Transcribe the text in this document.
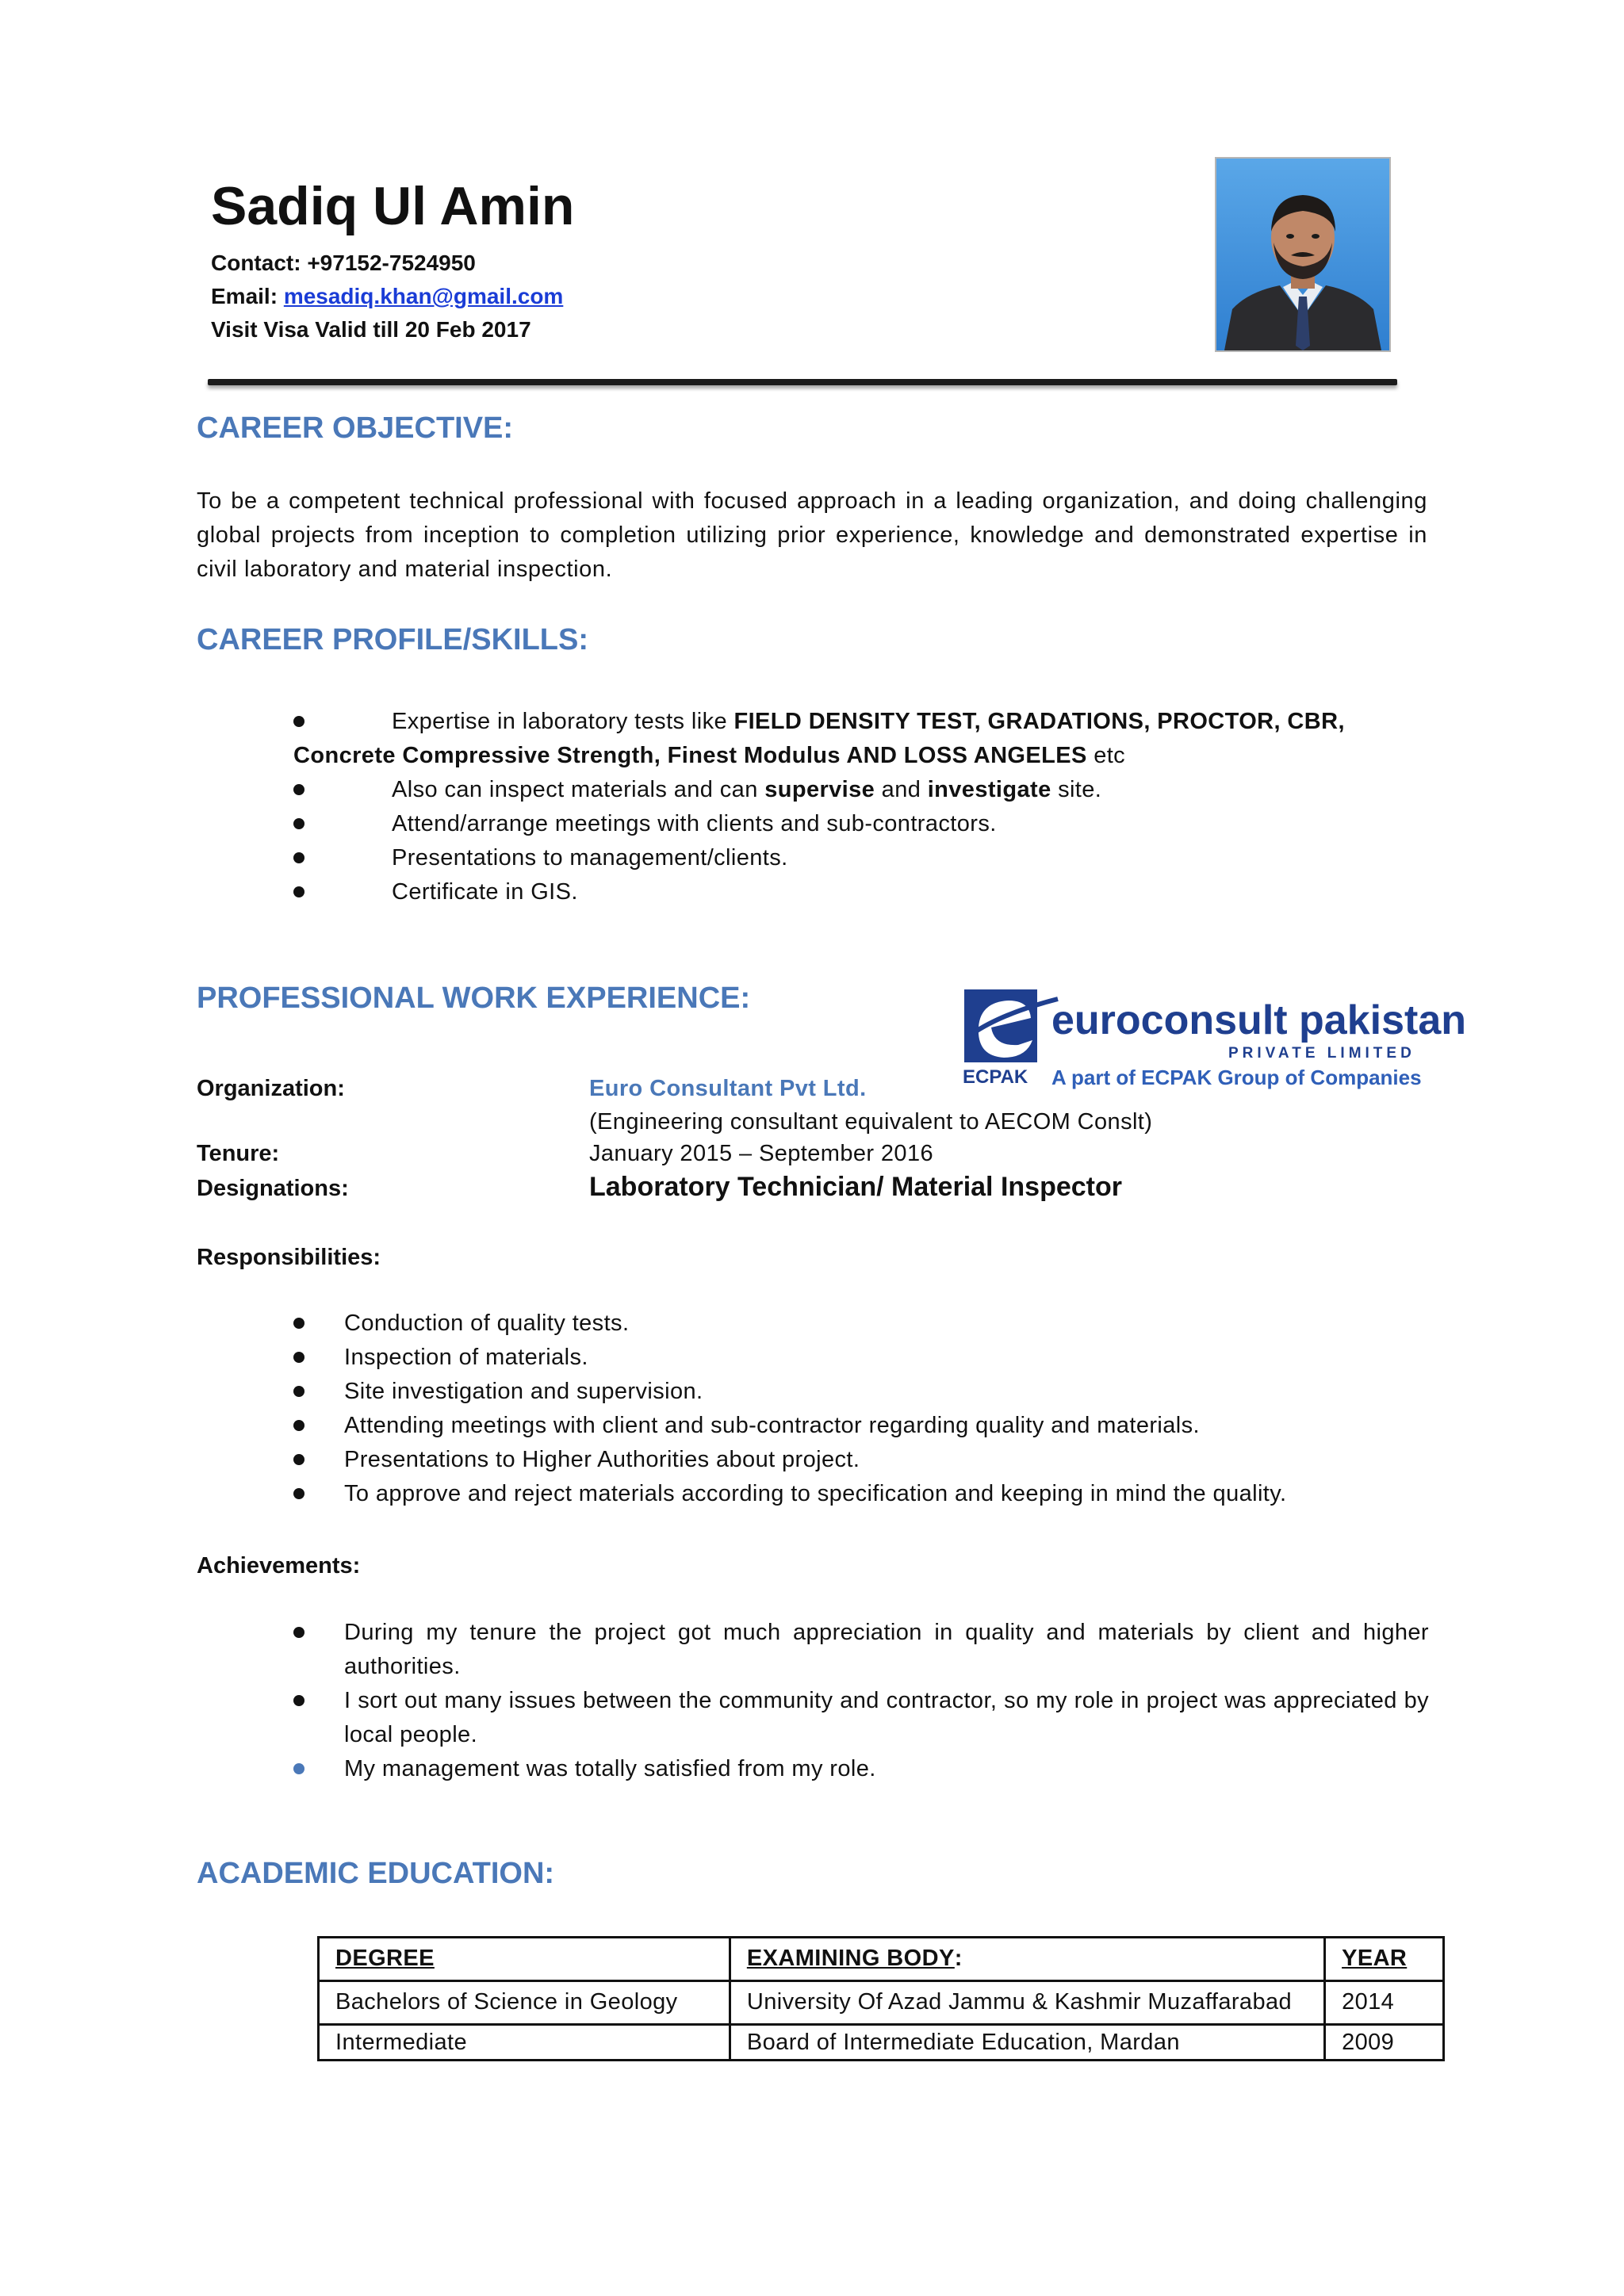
Sadiq Ul Amin
Contact: +97152-7524950
Email: mesadiq.khan@gmail.com
Visit Visa Valid till 20 Feb 2017
CAREER OBJECTIVE:
To be a competent technical professional with focused approach in a leading organization, and doing challenging global projects from inception to completion utilizing prior experience, knowledge and demonstrated expertise in civil laboratory and material inspection.
CAREER PROFILE/SKILLS:
Expertise in laboratory tests like FIELD DENSITY TEST, GRADATIONS, PROCTOR, CBR,
Concrete Compressive Strength, Finest Modulus AND LOSS ANGELES etc
Also can inspect materials and can supervise and investigate site.
Attend/arrange meetings with clients and sub-contractors.
Presentations to management/clients.
Certificate in GIS.
PROFESSIONAL WORK EXPERIENCE:
ECPAK
euroconsult pakistan
PRIVATE LIMITED
A part of ECPAK Group of Companies
Organization:	Euro Consultant Pvt Ltd.
(Engineering consultant equivalent to AECOM Conslt)
Tenure:	January 2015 – September 2016
Designations:	Laboratory Technician/ Material Inspector
Responsibilities:
Conduction of quality tests.
Inspection of materials.
Site investigation and supervision.
Attending meetings with client and sub-contractor regarding quality and materials.
Presentations to Higher Authorities about project.
To approve and reject materials according to specification and keeping in mind the quality.
Achievements:
During my tenure the project got much appreciation in quality and materials by client and higher authorities.
I sort out many issues between the community and contractor, so my role in project was appreciated by local people.
My management was totally satisfied from my role.
ACADEMIC EDUCATION:
DEGREE	EXAMINING BODY:	YEAR
Bachelors of Science in Geology	University Of Azad Jammu & Kashmir Muzaffarabad	2014
Intermediate	Board of Intermediate Education, Mardan	2009
